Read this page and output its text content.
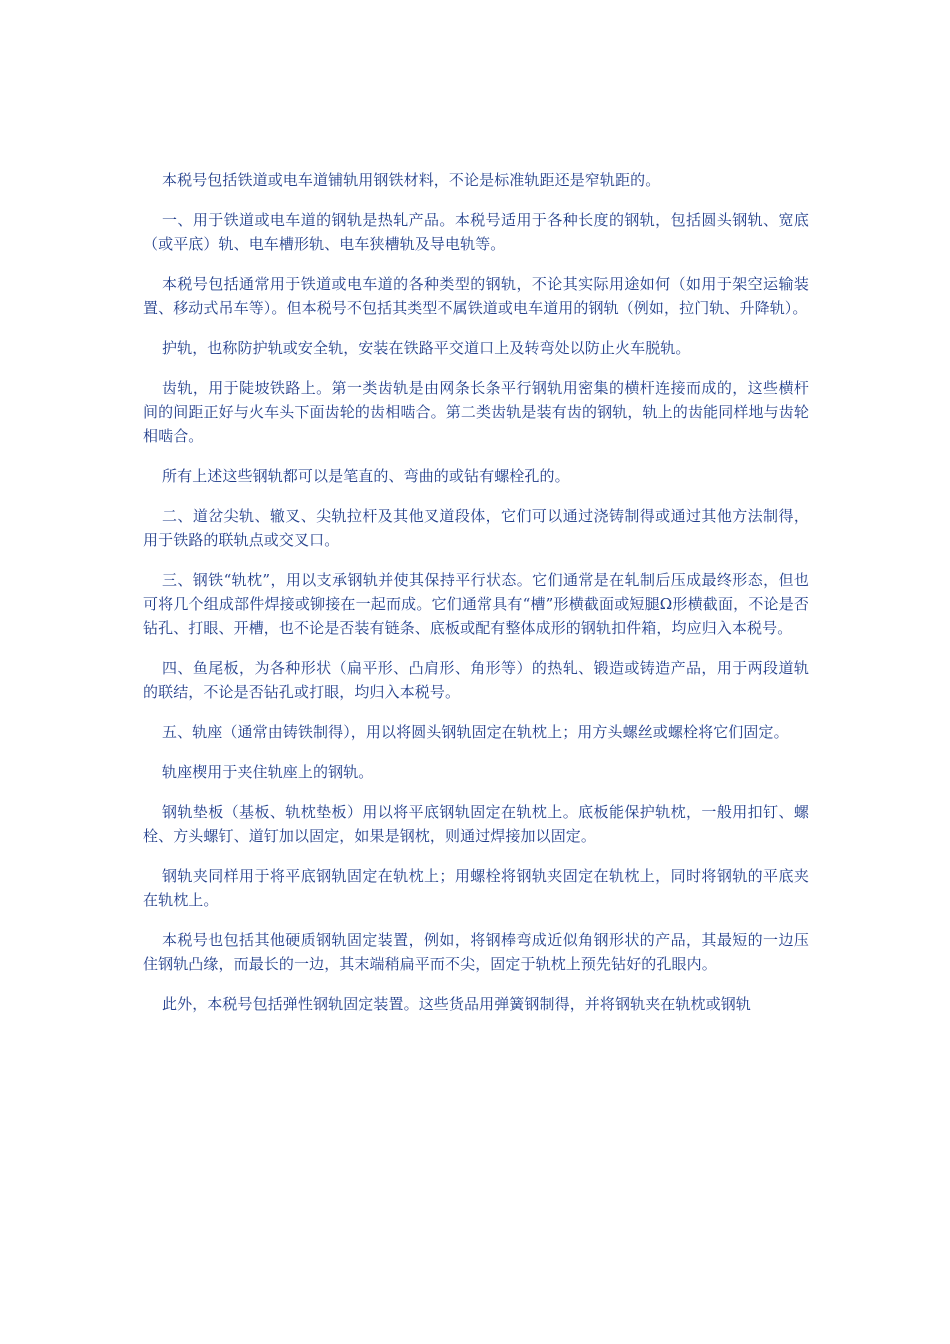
本税号包括铁道或电车道铺轨用钢铁材料，不论是标准轨距还是窄轨距的。

一、用于铁道或电车道的钢轨是热轧产品。本税号适用于各种长度的钢轨，包括圆头钢轨、宽底（或平底）轨、电车槽形轨、电车狭槽轨及导电轨等。

本税号包括通常用于铁道或电车道的各种类型的钢轨，不论其实际用途如何（如用于架空运输装置、移动式吊车等）。但本税号不包括其类型不属铁道或电车道用的钢轨（例如，拉门轨、升降轨）。

护轨，也称防护轨或安全轨，安装在铁路平交道口上及转弯处以防止火车脱轨。

齿轨，用于陡坡铁路上。第一类齿轨是由网条长条平行钢轨用密集的横杆连接而成的，这些横杆间的间距正好与火车头下面齿轮的齿相啮合。第二类齿轨是装有齿的钢轨，轨上的齿能同样地与齿轮相啮合。

所有上述这些钢轨都可以是笔直的、弯曲的或钻有螺栓孔的。

二、道岔尖轨、辙叉、尖轨拉杆及其他叉道段体，它们可以通过浇铸制得或通过其他方法制得，用于铁路的联轨点或交叉口。

三、钢铁“轨枕”，用以支承钢轨并使其保持平行状态。它们通常是在轧制后压成最终形态，但也可将几个组成部件焊接或铆接在一起而成。它们通常具有“槽”形横截面或短腿Ω形横截面，不论是否钻孔、打眼、开槽，也不论是否装有链条、底板或配有整体成形的钢轨扣件箱，均应归入本税号。

四、鱼尾板，为各种形状（扁平形、凸肩形、角形等）的热轧、锻造或铸造产品，用于两段道轨的联结，不论是否钻孔或打眼，均归入本税号。

五、轨座（通常由铸铁制得），用以将圆头钢轨固定在轨枕上；用方头螺丝或螺栓将它们固定。

轨座楔用于夹住轨座上的钢轨。

钢轨垫板（基板、轨枕垫板）用以将平底钢轨固定在轨枕上。底板能保护轨枕，一般用扣钉、螺栓、方头螺钉、道钉加以固定，如果是钢枕，则通过焊接加以固定。

钢轨夹同样用于将平底钢轨固定在轨枕上；用螺栓将钢轨夹固定在轨枕上，同时将钢轨的平底夹在轨枕上。

本税号也包括其他硬质钢轨固定装置，例如，将钢棒弯成近似角钢形状的产品，其最短的一边压住钢轨凸缘，而最长的一边，其末端稍扁平而不尖，固定于轨枕上预先钻好的孔眼内。

此外，本税号包括弹性钢轨固定装置。这些货品用弹簧钢制得，并将钢轨夹在轨枕或钢轨
